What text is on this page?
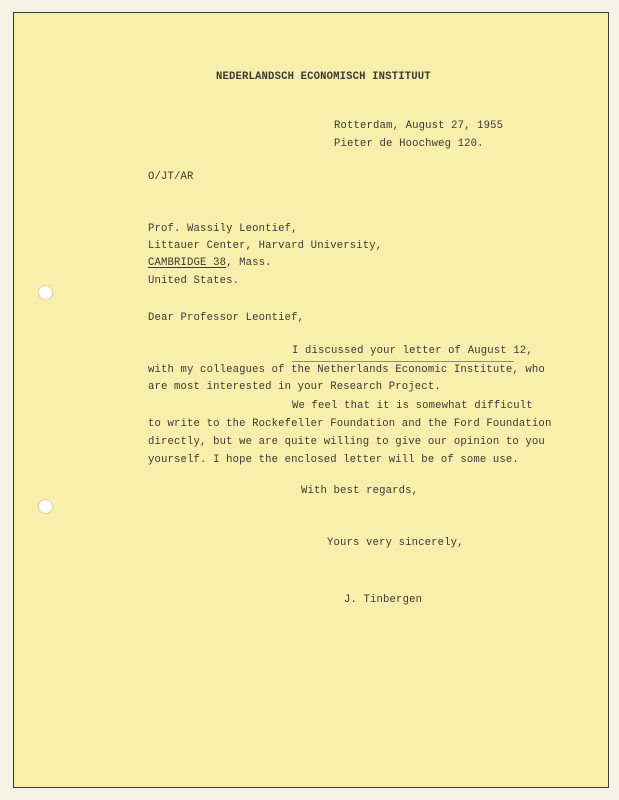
NEDERLANDSCH ECONOMISCH INSTITUUT
Rotterdam, August 27, 1955
Pieter de Hoochweg 120.
O/JT/AR
Prof. Wassily Leontief,
Littauer Center, Harvard University,
CAMBRIDGE 38, Mass.
United States.
Dear Professor Leontief,
I discussed your letter of August 12,
with my colleagues of the Netherlands Economic Institute, who
are most interested in your Research Project.
We feel that it is somewhat difficult
to write to the Rockefeller Foundation and the Ford Foundation
directly, but we are quite willing to give our opinion to you
yourself. I hope the enclosed letter will be of some use.
With best regards,
Yours very sincerely,
J. Tinbergen
